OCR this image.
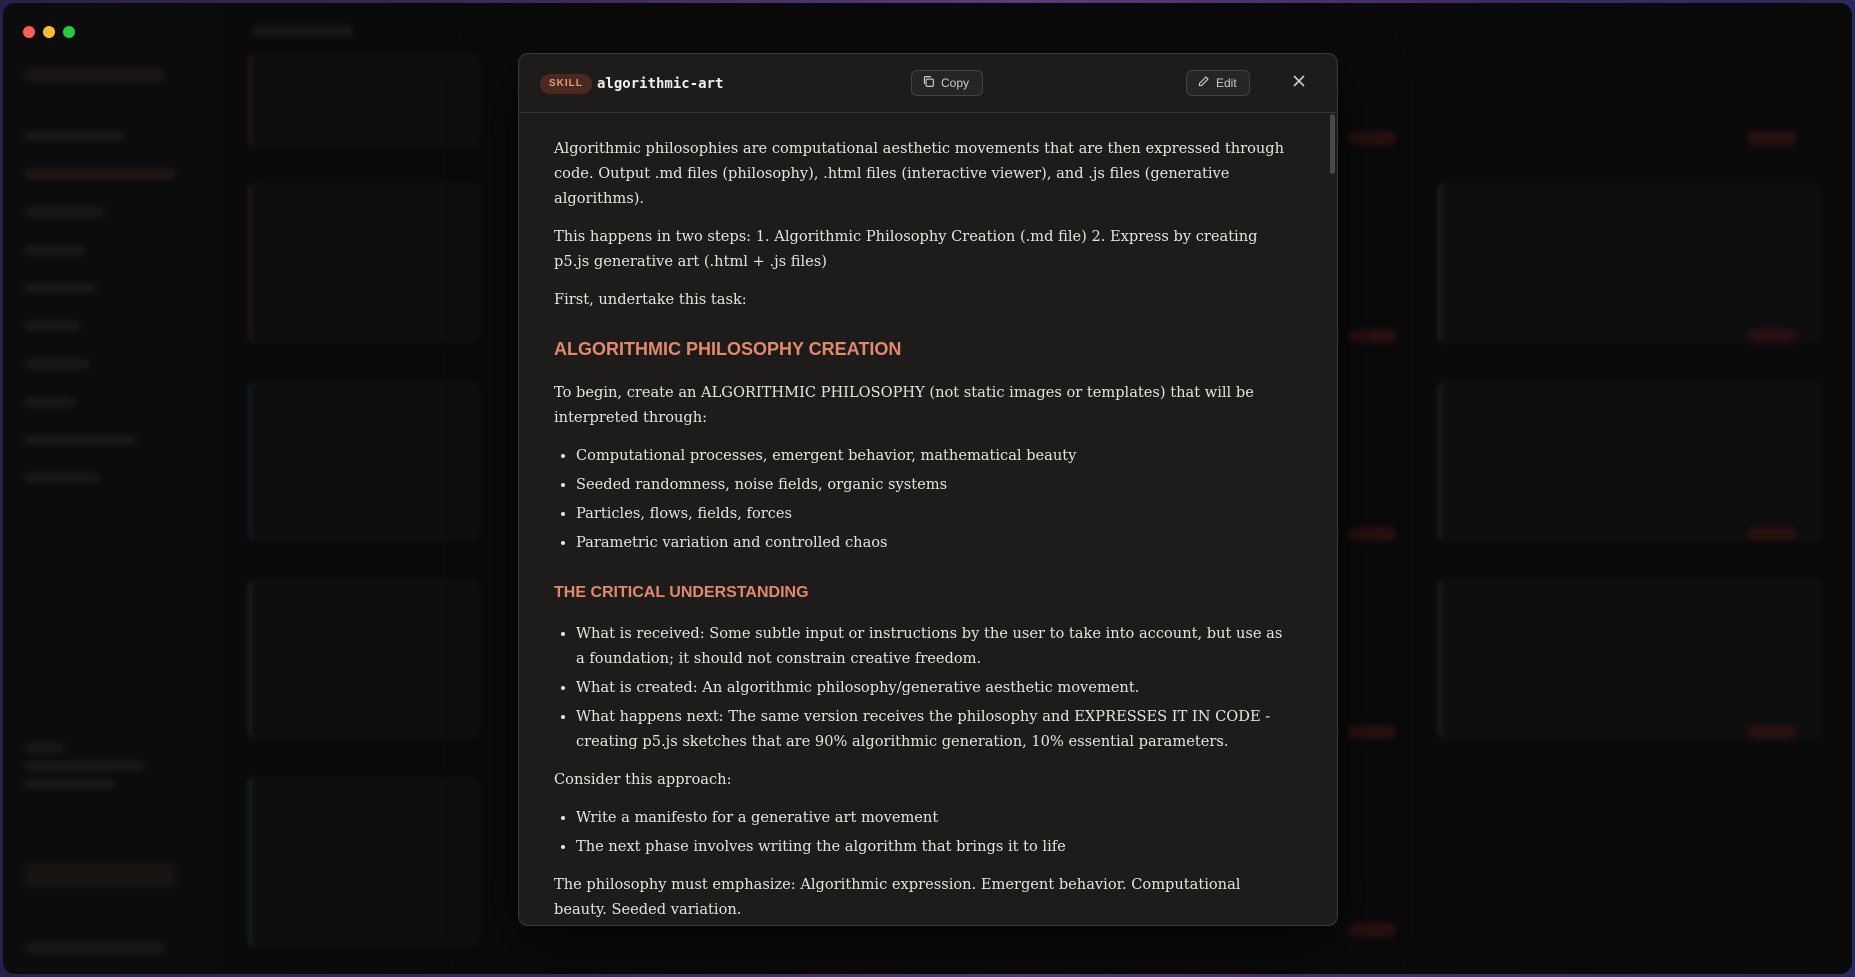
SKILL	algorithmic-art	Copy	Edit

Algorithmic philosophies are computational aesthetic movements that are then expressed through code. Output .md files (philosophy), .html files (interactive viewer), and .js files (generative algorithms).

This happens in two steps: 1. Algorithmic Philosophy Creation (.md file) 2. Express by creating p5.js generative art (.html + .js files)

First, undertake this task:

ALGORITHMIC PHILOSOPHY CREATION

To begin, create an ALGORITHMIC PHILOSOPHY (not static images or templates) that will be interpreted through:

• Computational processes, emergent behavior, mathematical beauty
• Seeded randomness, noise fields, organic systems
• Particles, flows, fields, forces
• Parametric variation and controlled chaos
THE CRITICAL UNDERSTANDING
• What is received: Some subtle input or instructions by the user to take into account, but use as a foundation; it should not constrain creative freedom.
• What is created: An algorithmic philosophy/generative aesthetic movement.
• What happens next: The same version receives the philosophy and EXPRESSES IT IN CODE - creating p5.js sketches that are 90% algorithmic generation, 10% essential parameters.

Consider this approach:

• Write a manifesto for a generative art movement
• The next phase involves writing the algorithm that brings it to life

The philosophy must emphasize: Algorithmic expression. Emergent behavior. Computational beauty. Seeded variation.
